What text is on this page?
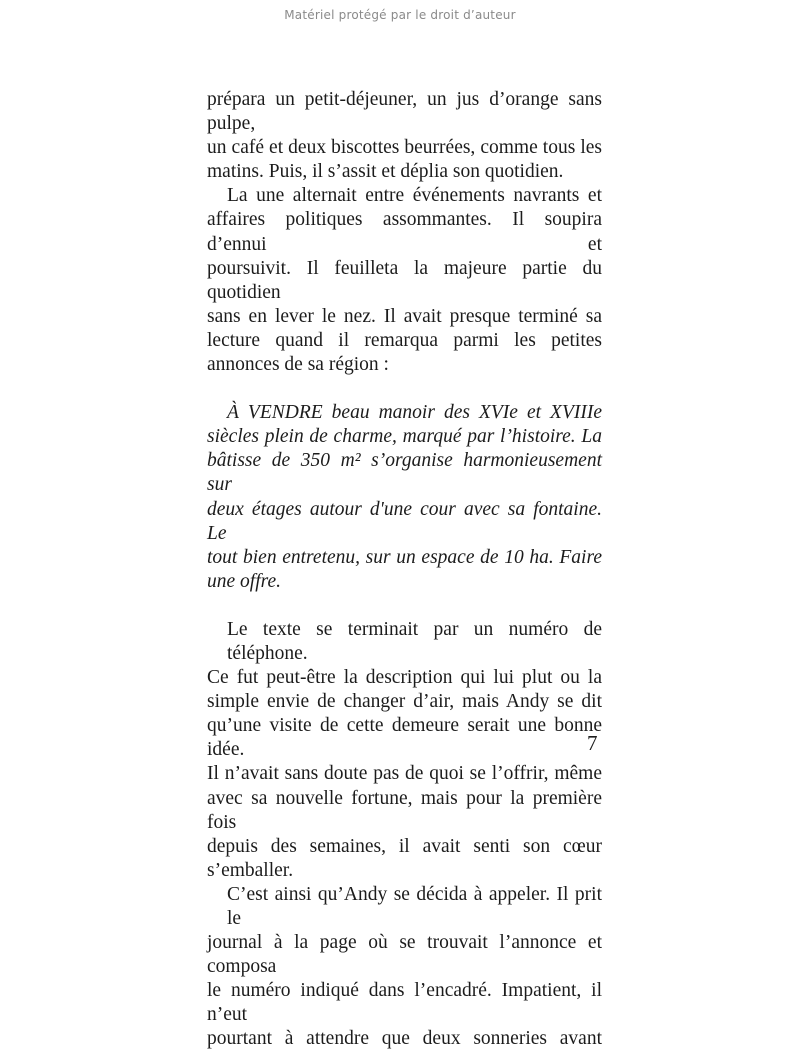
Matériel protégé par le droit d’auteur
prépara un petit-déjeuner, un jus d’orange sans pulpe,
un café et deux biscottes beurrées, comme tous les
matins. Puis, il s’assit et déplia son quotidien.
La une alternait entre événements navrants et
affaires politiques assommantes. Il soupira d’ennui et
poursuivit. Il feuilleta la majeure partie du quotidien
sans en lever le nez. Il avait presque terminé sa
lecture quand il remarqua parmi les petites
annonces de sa région :
À VENDRE beau manoir des XVIe et XVIIIe
siècles plein de charme, marqué par l’histoire. La
bâtisse de 350 m² s’organise harmonieusement sur
deux étages autour d'une cour avec sa fontaine. Le
tout bien entretenu, sur un espace de 10 ha. Faire
une offre.
Le texte se terminait par un numéro de téléphone.
Ce fut peut-être la description qui lui plut ou la
simple envie de changer d’air, mais Andy se dit
qu’une visite de cette demeure serait une bonne idée.
Il n’avait sans doute pas de quoi se l’offrir, même
avec sa nouvelle fortune, mais pour la première fois
depuis des semaines, il avait senti son cœur
s’emballer.
C’est ainsi qu’Andy se décida à appeler. Il prit le
journal à la page où se trouvait l’annonce et composa
le numéro indiqué dans l’encadré. Impatient, il n’eut
pourtant à attendre que deux sonneries avant
7
